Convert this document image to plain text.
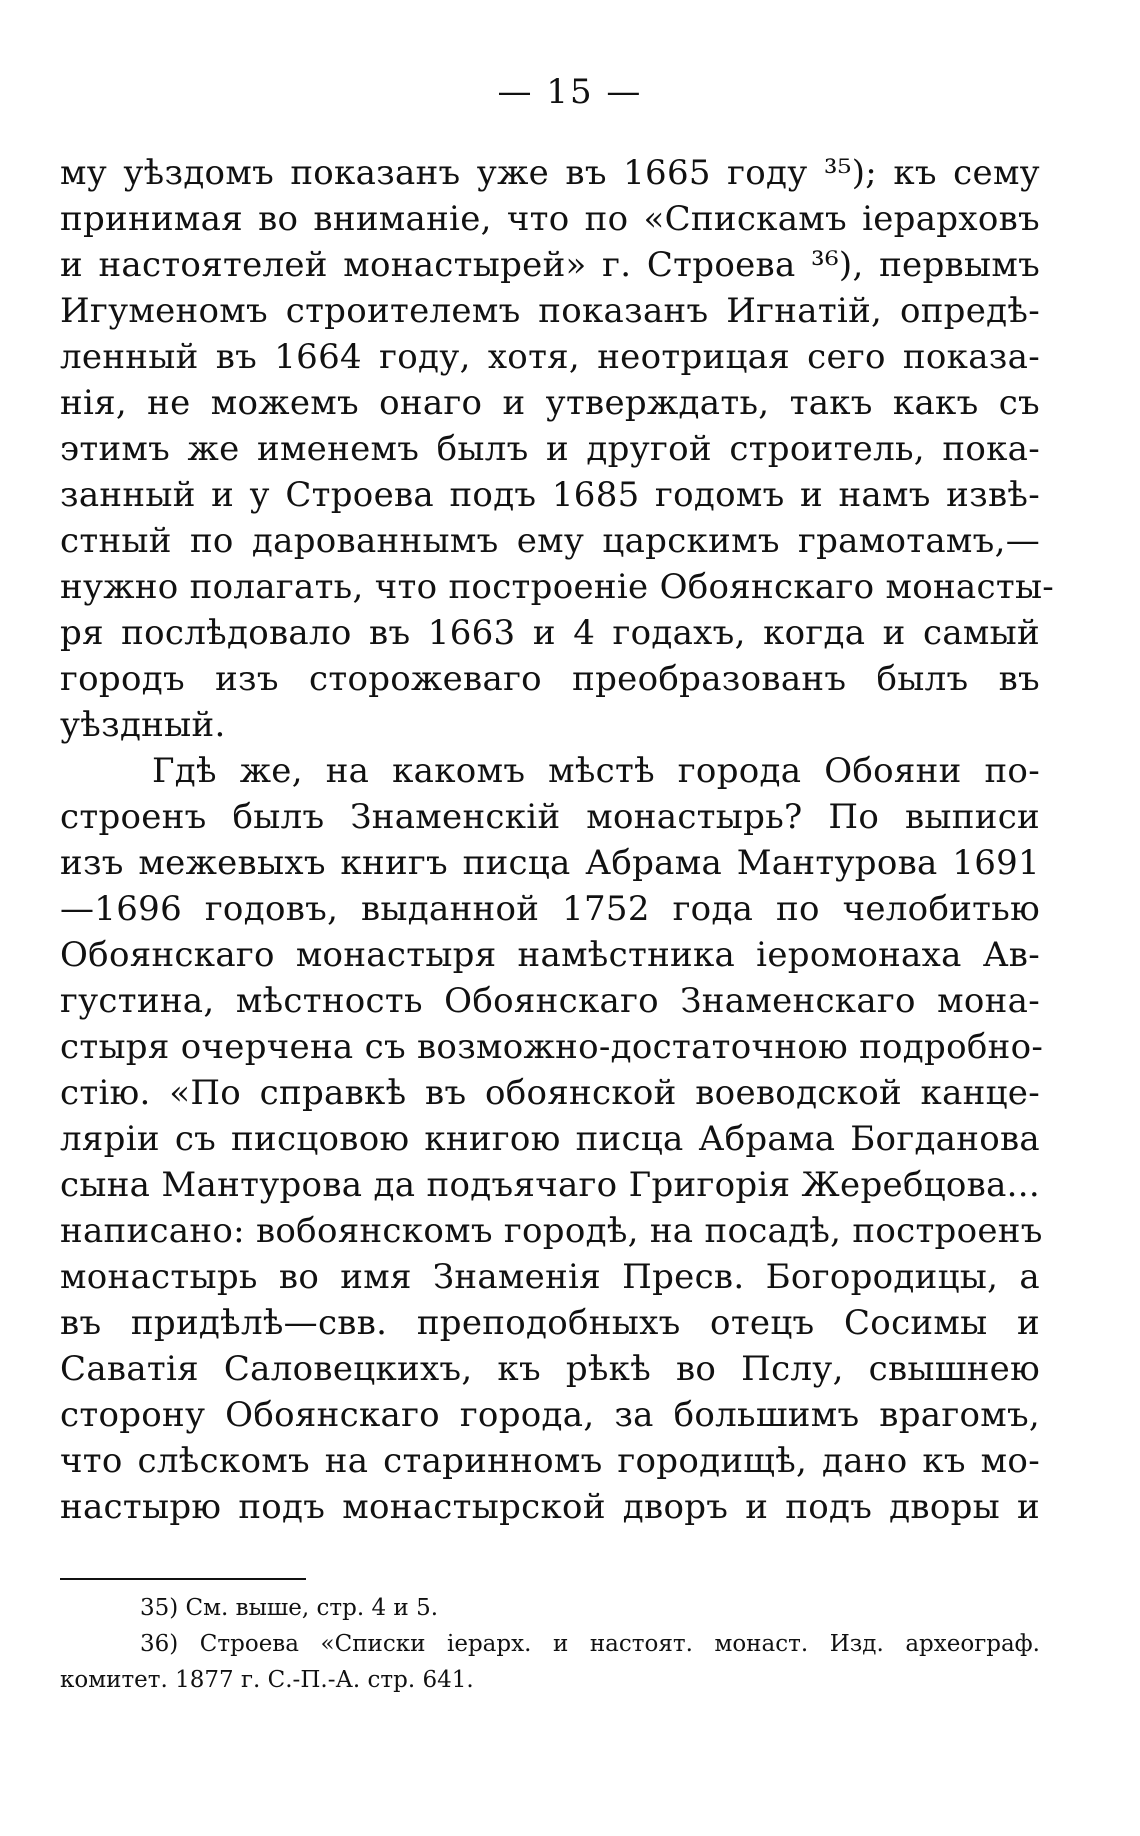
— 15 —
му уѣздомъ показанъ уже въ 1665 году ³⁵); къ сему
принимая во вниманіе, что по «Спискамъ іерарховъ
и настоятелей монастырей» г. Строева ³⁶), первымъ
Игуменомъ строителемъ показанъ Игнатій, опредѣ-
ленный въ 1664 году, хотя, неотрицая сего показа-
нія, не можемъ онаго и утверждать, такъ какъ съ
этимъ же именемъ былъ и другой строитель, пока-
занный и у Строева подъ 1685 годомъ и намъ извѣ-
стный по дарованнымъ ему царскимъ грамотамъ,—
нужно полагать, что построеніе Обоянскаго монасты-
ря послѣдовало въ 1663 и 4 годахъ, когда и самый
городъ изъ сторожеваго преобразованъ былъ въ
уѣздный.
Гдѣ же, на какомъ мѣстѣ города Обояни по-
строенъ былъ Знаменскій монастырь? По выписи
изъ межевыхъ книгъ писца Абрама Мантурова 1691
—1696 годовъ, выданной 1752 года по челобитью
Обоянскаго монастыря намѣстника іеромонаха Ав-
густина, мѣстность Обоянскаго Знаменскаго мона-
стыря очерчена съ возможно-достаточною подробно-
стію. «По справкѣ въ обоянской воеводской канце-
ляріи съ писцовою книгою писца Абрама Богданова
сына Мантурова да подъячаго Григорія Жеребцова...
написано: вобоянскомъ городѣ, на посадѣ, построенъ
монастырь во имя Знаменія Пресв. Богородицы, а
въ придѣлѣ—свв. преподобныхъ отецъ Сосимы и
Саватія Саловецкихъ, къ рѣкѣ во Пслу, свышнею
сторону Обоянскаго города, за большимъ врагомъ,
что слѣскомъ на старинномъ городищѣ, дано къ мо-
настырю подъ монастырской дворъ и подъ дворы и
35) См. выше, стр. 4 и 5.
36) Строева «Списки іерарх. и настоят. монаст. Изд. археограф.
комитет. 1877 г. С.-П.-А. стр. 641.
